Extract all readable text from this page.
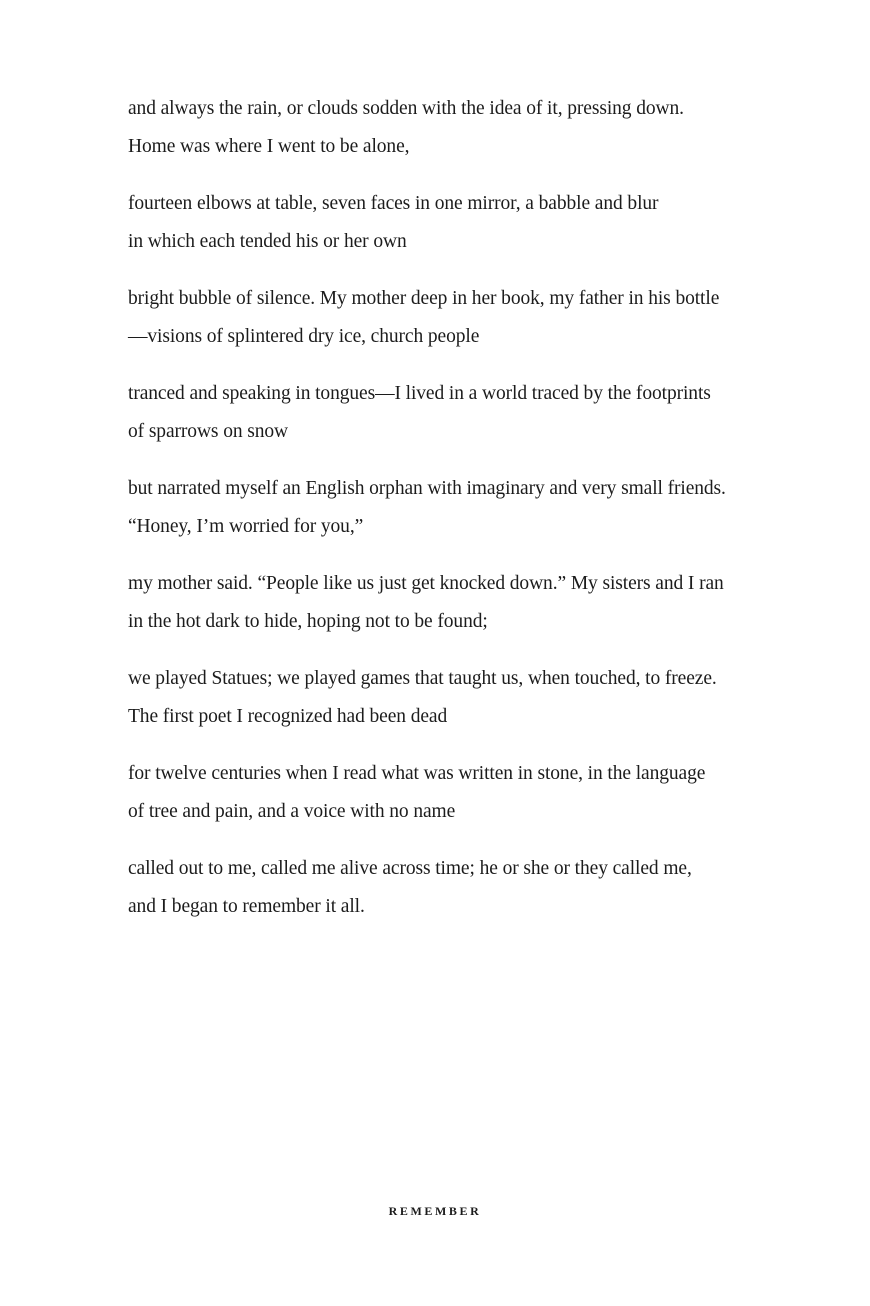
and always the rain, or clouds sodden with the idea of it, pressing down.
Home was where I went to be alone,
fourteen elbows at table, seven faces in one mirror, a babble and blur
in which each tended his or her own
bright bubble of silence. My mother deep in her book, my father in his bottle
—visions of splintered dry ice, church people
tranced and speaking in tongues—I lived in a world traced by the footprints
of sparrows on snow
but narrated myself an English orphan with imaginary and very small friends.
“Honey, I’m worried for you,”
my mother said. “People like us just get knocked down.” My sisters and I ran
in the hot dark to hide, hoping not to be found;
we played Statues; we played games that taught us, when touched, to freeze.
The first poet I recognized had been dead
for twelve centuries when I read what was written in stone, in the language
of tree and pain, and a voice with no name
called out to me, called me alive across time; he or she or they called me,
and I began to remember it all.
REMEMBER
